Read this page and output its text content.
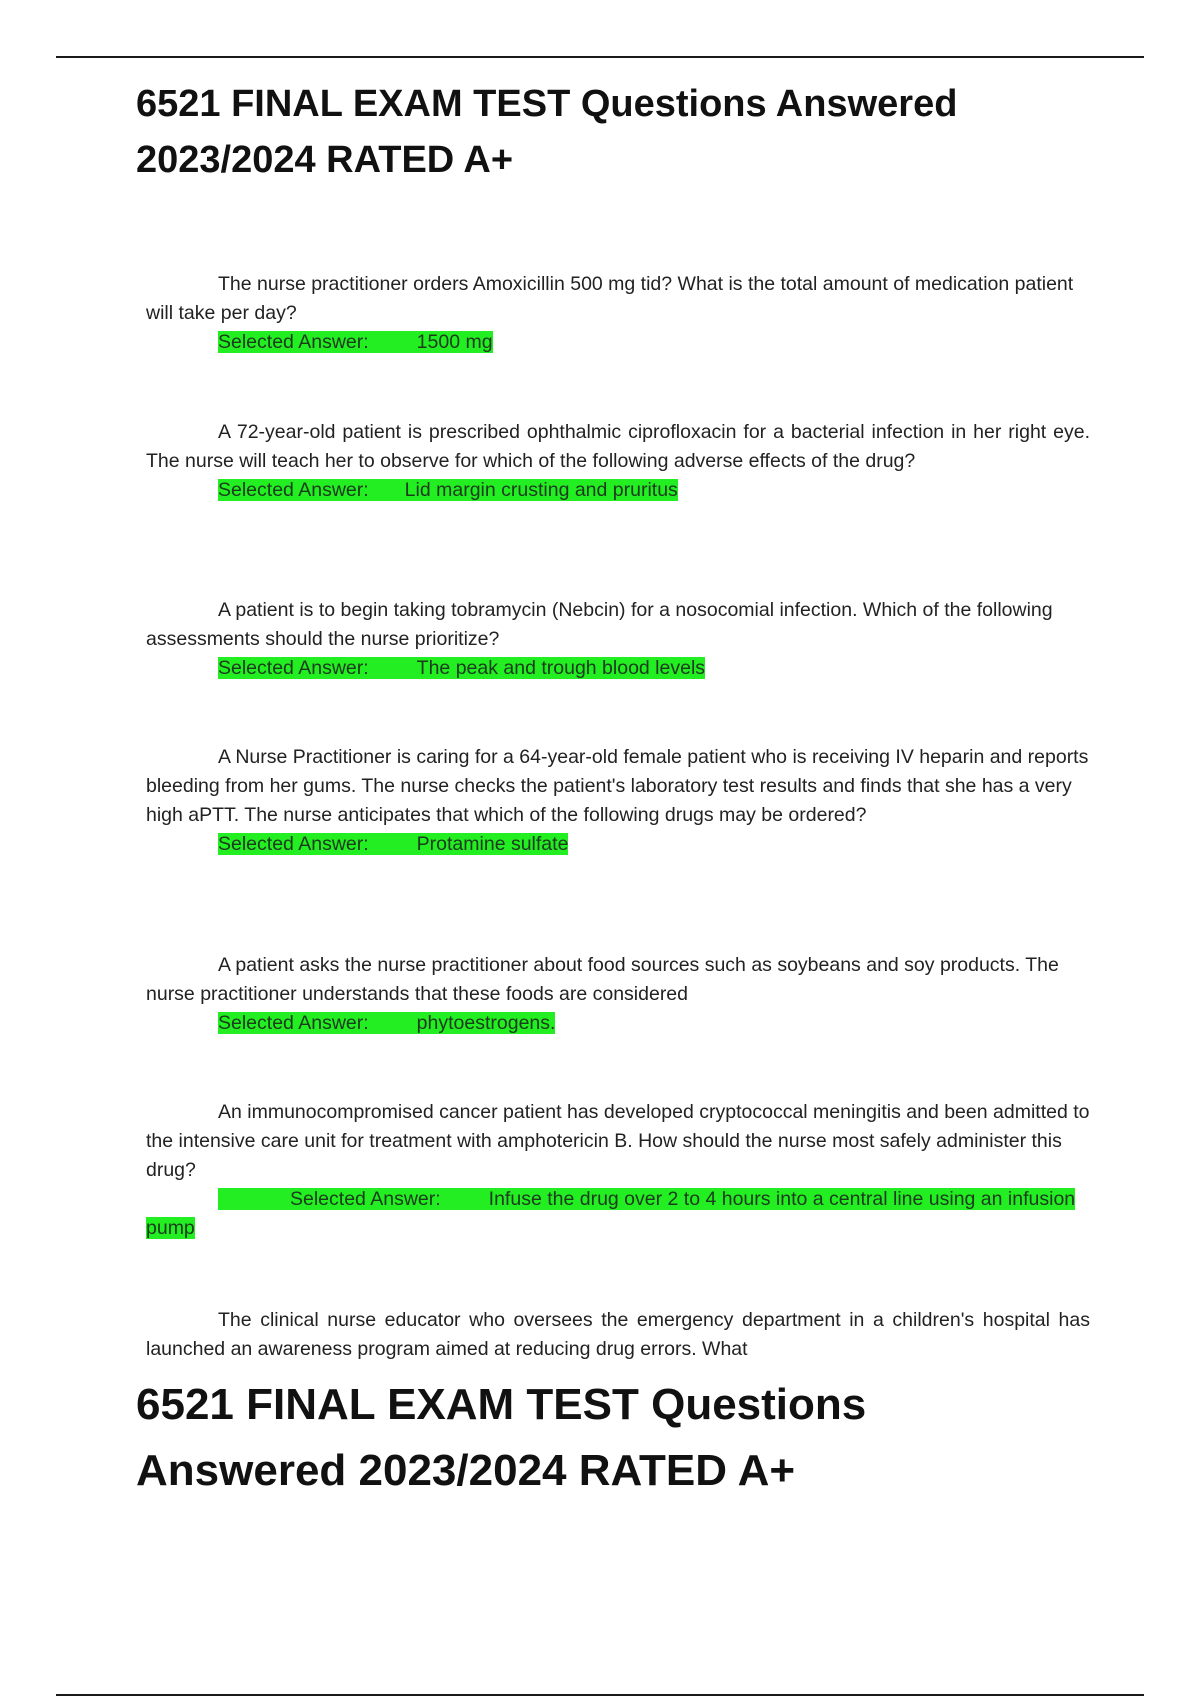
6521 FINAL EXAM TEST Questions Answered 2023/2024 RATED A+

The nurse practitioner orders Amoxicillin 500 mg tid? What is the total amount of medication patient will take per day?

Selected Answer: 1500 mg

A 72-year-old patient is prescribed ophthalmic ciprofloxacin for a bacterial infection in her right eye. The nurse will teach her to observe for which of the following adverse effects of the drug?

Selected Answer: Lid margin crusting and pruritus

A patient is to begin taking tobramycin (Nebcin) for a nosocomial infection. Which of the following assessments should the nurse prioritize?

Selected Answer: The peak and trough blood levels

A Nurse Practitioner is caring for a 64-year-old female patient who is receiving IV heparin and reports bleeding from her gums. The nurse checks the patient's laboratory test results and finds that she has a very high aPTT. The nurse anticipates that which of the following drugs may be ordered?

Selected Answer: Protamine sulfate

A patient asks the nurse practitioner about food sources such as soybeans and soy products. The nurse practitioner understands that these foods are considered

Selected Answer: phytoestrogens.

An immunocompromised cancer patient has developed cryptococcal meningitis and been admitted to the intensive care unit for treatment with amphotericin B. How should the nurse most safely administer this drug?

Selected Answer: Infuse the drug over 2 to 4 hours into a central line using an infusion pump

The clinical nurse educator who oversees the emergency department in a children's hospital has launched an awareness program aimed at reducing drug errors. What

6521 FINAL EXAM TEST Questions Answered 2023/2024 RATED A+
